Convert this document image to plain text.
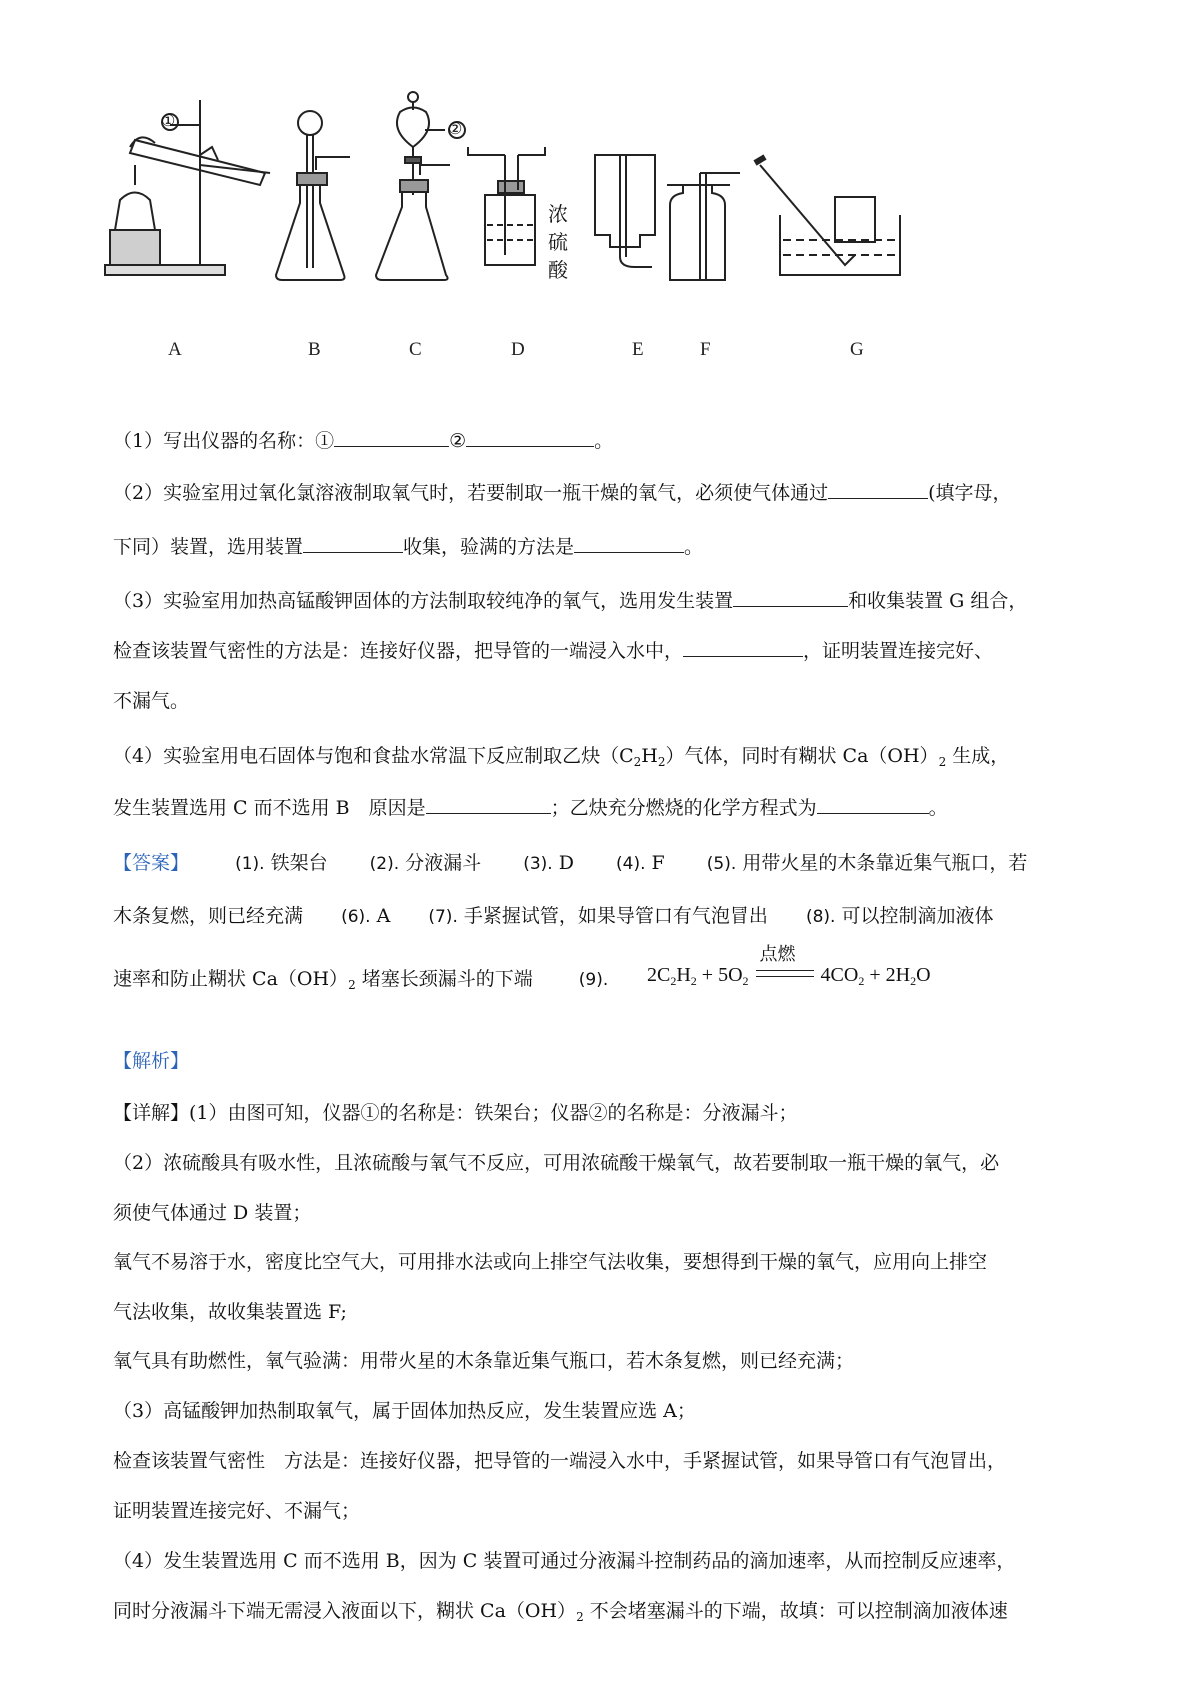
①	②
浓硫酸
A	B	C	D	E	F	G
（1）写出仪器的名称：①	②	。
（2）实验室用过氧化氯溶液制取氧气时，若要制取一瓶干燥的氧气，必须使气体通过	(填字母，
下同）装置，选用装置	收集，验满的方法是	。
（3）实验室用加热高锰酸钾固体的方法制取较纯净的氧气，选用发生装置	和收集装置 G 组合，
检查该装置气密性的方法是：连接好仪器，把导管的一端浸入水中，	，证明装置连接完好、
不漏气。
（4）实验室用电石固体与饱和食盐水常温下反应制取乙炔$(C_2H_2)$气体，同时有糊状 $Ca(OH)_2$ 生成，
发生装置选用 C 而不选用 B　原因是	；乙炔充分燃烧的化学方程式为	。
【答案】	(1). 铁架台 (2). 分液漏斗 (3). D (4). F (5). 用带火星的木条靠近集气瓶口，若
木条复燃，则已经充满 (6). A (7). 手紧握试管，如果导管口有气泡冒出 (8). 可以控制滴加液体
速率和防止糊状 $Ca(OH)_2$ 堵塞长颈漏斗的下端	(9). $2C_2H_2 + 5O_2$
点燃
$4CO_2 + 2H_2O$
【解析】
【详解】(1）由图可知，仪器①的名称是：铁架台；仪器②的名称是：分液漏斗；
（2）浓硫酸具有吸水性，且浓硫酸与氧气不反应，可用浓硫酸干燥氧气，故若要制取一瓶干燥的氧气，必
须使气体通过 D 装置；
氧气不易溶于水，密度比空气大，可用排水法或向上排空气法收集，要想得到干燥的氧气，应用向上排空
气法收集，故收集装置选 F;
氧气具有助燃性，氧气验满：用带火星的木条靠近集气瓶口，若木条复燃，则已经充满；
（3）高锰酸钾加热制取氧气，属于固体加热反应，发生装置应选 A；
检查该装置气密性　方法是：连接好仪器，把导管的一端浸入水中，手紧握试管，如果导管口有气泡冒出，
证明装置连接完好、不漏气；
（4）发生装置选用 C 而不选用 B，因为 C 装置可通过分液漏斗控制药品的滴加速率，从而控制反应速率，
同时分液漏斗下端无需浸入液面以下，糊状 $Ca(OH)_2$ 不会堵塞漏斗的下端，故填：可以控制滴加液体速
